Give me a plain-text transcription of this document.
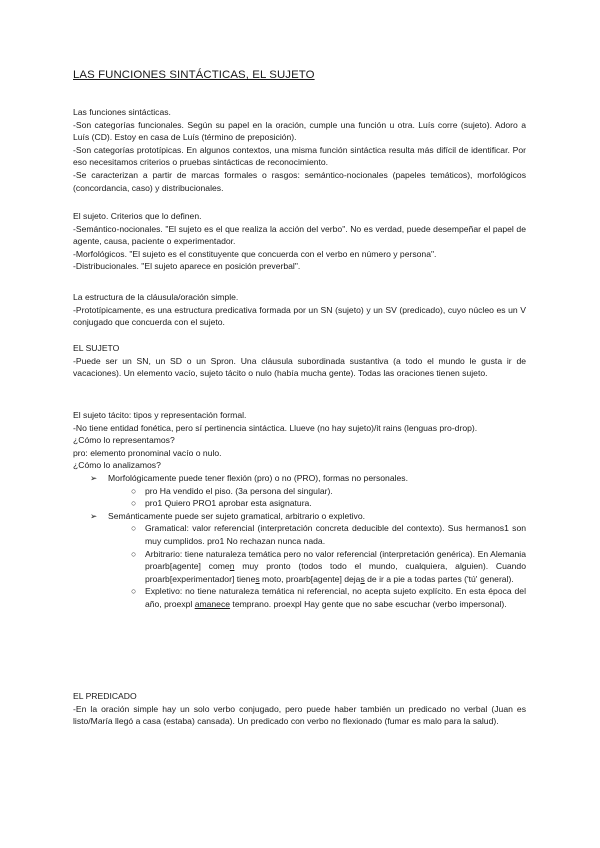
LAS FUNCIONES SINTÁCTICAS, EL SUJETO

Las funciones sintácticas.

-Son categorías funcionales. Según su papel en la oración, cumple una función u otra. Luís corre (sujeto). Adoro a Luís (CD). Estoy en casa de Luís (término de preposición).

-Son categorías prototípicas. En algunos contextos, una misma función sintáctica resulta más difícil de identificar. Por eso necesitamos criterios o pruebas sintácticas de reconocimiento.

-Se caracterizan a partir de marcas formales o rasgos: semántico-nocionales (papeles temáticos), morfológicos (concordancia, caso) y distribucionales.

El sujeto. Criterios que lo definen.

-Semántico-nocionales. "El sujeto es el que realiza la acción del verbo". No es verdad, puede desempeñar el papel de agente, causa, paciente o experimentador.

-Morfológicos. "El sujeto es el constituyente que concuerda con el verbo en número y persona".

-Distribucionales. "El sujeto aparece en posición preverbal".

La estructura de la cláusula/oración simple.

-Prototípicamente, es una estructura predicativa formada por un SN (sujeto) y un SV (predicado), cuyo núcleo es un V conjugado que concuerda con el sujeto.

EL SUJETO

-Puede ser un SN, un SD o un Spron. Una cláusula subordinada sustantiva (a todo el mundo le gusta ir de vacaciones). Un elemento vacío, sujeto tácito o nulo (había mucha gente). Todas las oraciones tienen sujeto.

El sujeto tácito: tipos y representación formal.

-No tiene entidad fonética, pero sí pertinencia sintáctica. Llueve (no hay sujeto)/it rains (lenguas pro-drop).

¿Cómo lo representamos?

pro: elemento pronominal vacío o nulo.

¿Cómo lo analizamos?

➢ Morfológicamente puede tener flexión (pro) o no (PRO), formas no personales.
○ pro Ha vendido el piso. (3a persona del singular).
○ pro1 Quiero PRO1 aprobar esta asignatura.
➢ Semánticamente puede ser sujeto gramatical, arbitrario o expletivo.
○ Gramatical: valor referencial (interpretación concreta deducible del contexto). Sus hermanos1 son muy cumplidos. pro1 No rechazan nunca nada.
○ Arbitrario: tiene naturaleza temática pero no valor referencial (interpretación genérica). En Alemania proarb[agente] comen muy pronto (todos todo el mundo, cualquiera, alguien). Cuando proarb[experimentador] tienes moto, proarb[agente] dejas de ir a pie a todas partes ('tú' general).
○ Expletivo: no tiene naturaleza temática ni referencial, no acepta sujeto explícito. En esta época del año, proexpl amanece temprano. proexpl Hay gente que no sabe escuchar (verbo impersonal).

EL PREDICADO

-En la oración simple hay un solo verbo conjugado, pero puede haber también un predicado no verbal (Juan es listo/María llegó a casa (estaba) cansada). Un predicado con verbo no flexionado (fumar es malo para la salud).
